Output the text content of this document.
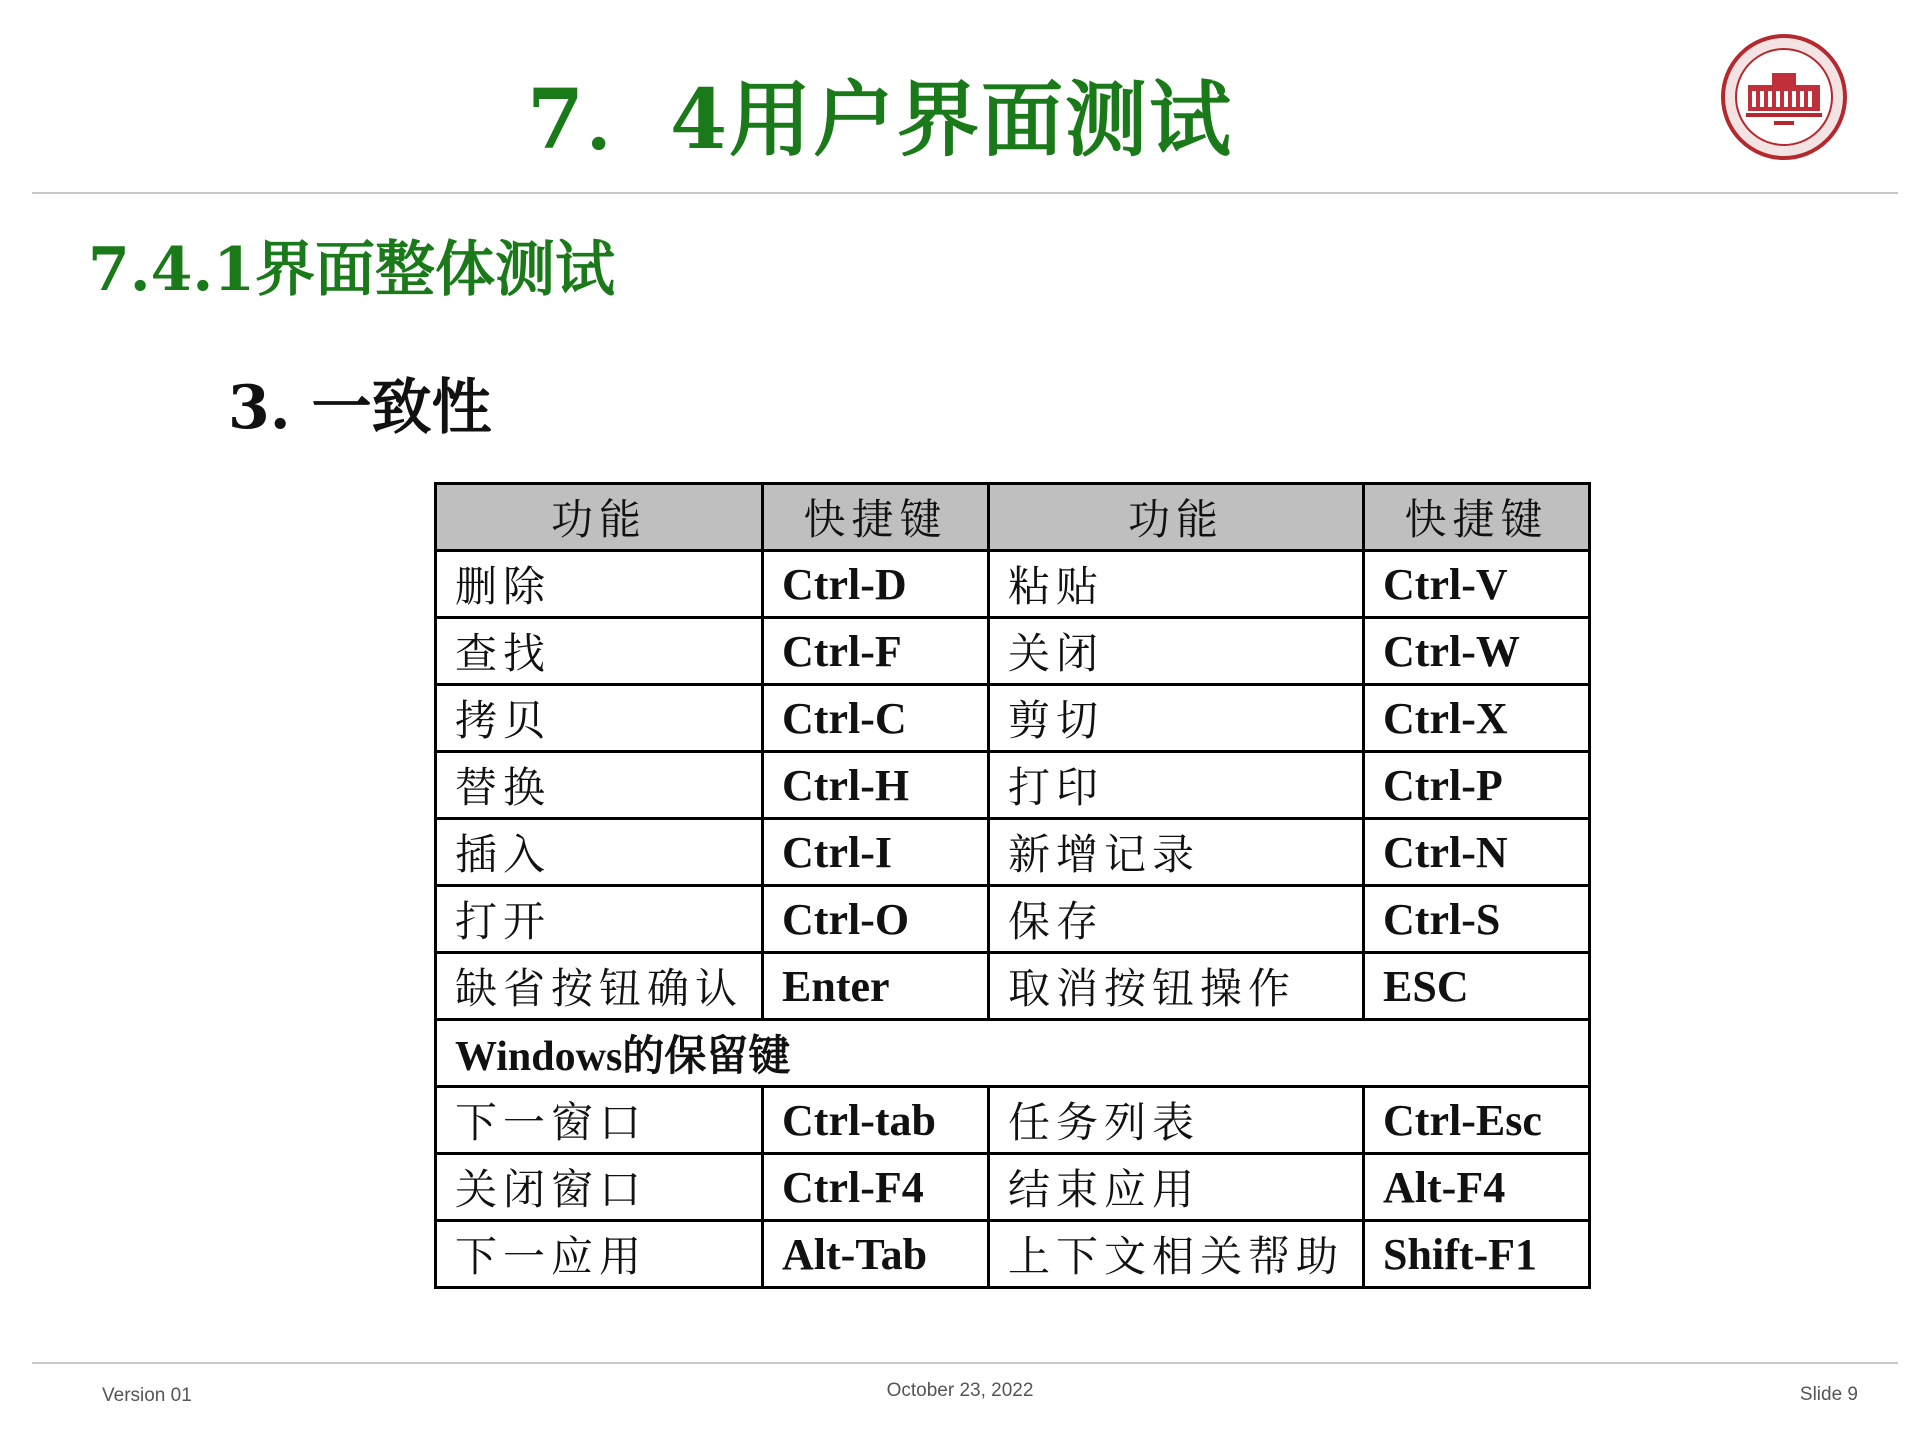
7．4用户界面测试
7.4.1界面整体测试
3. 一致性
功能	快捷键	功能	快捷键
删除	Ctrl-D	粘贴	Ctrl-V
查找	Ctrl-F	关闭	Ctrl-W
拷贝	Ctrl-C	剪切	Ctrl-X
替换	Ctrl-H	打印	Ctrl-P
插入	Ctrl-I	新增记录	Ctrl-N
打开	Ctrl-O	保存	Ctrl-S
缺省按钮确认	Enter	取消按钮操作	ESC
Windows的保留键			
下一窗口	Ctrl-tab	任务列表	Ctrl-Esc
关闭窗口	Ctrl-F4	结束应用	Alt-F4
下一应用	Alt-Tab	上下文相关帮助	Shift-F1
Version 01	October 23, 2022	Slide 9
